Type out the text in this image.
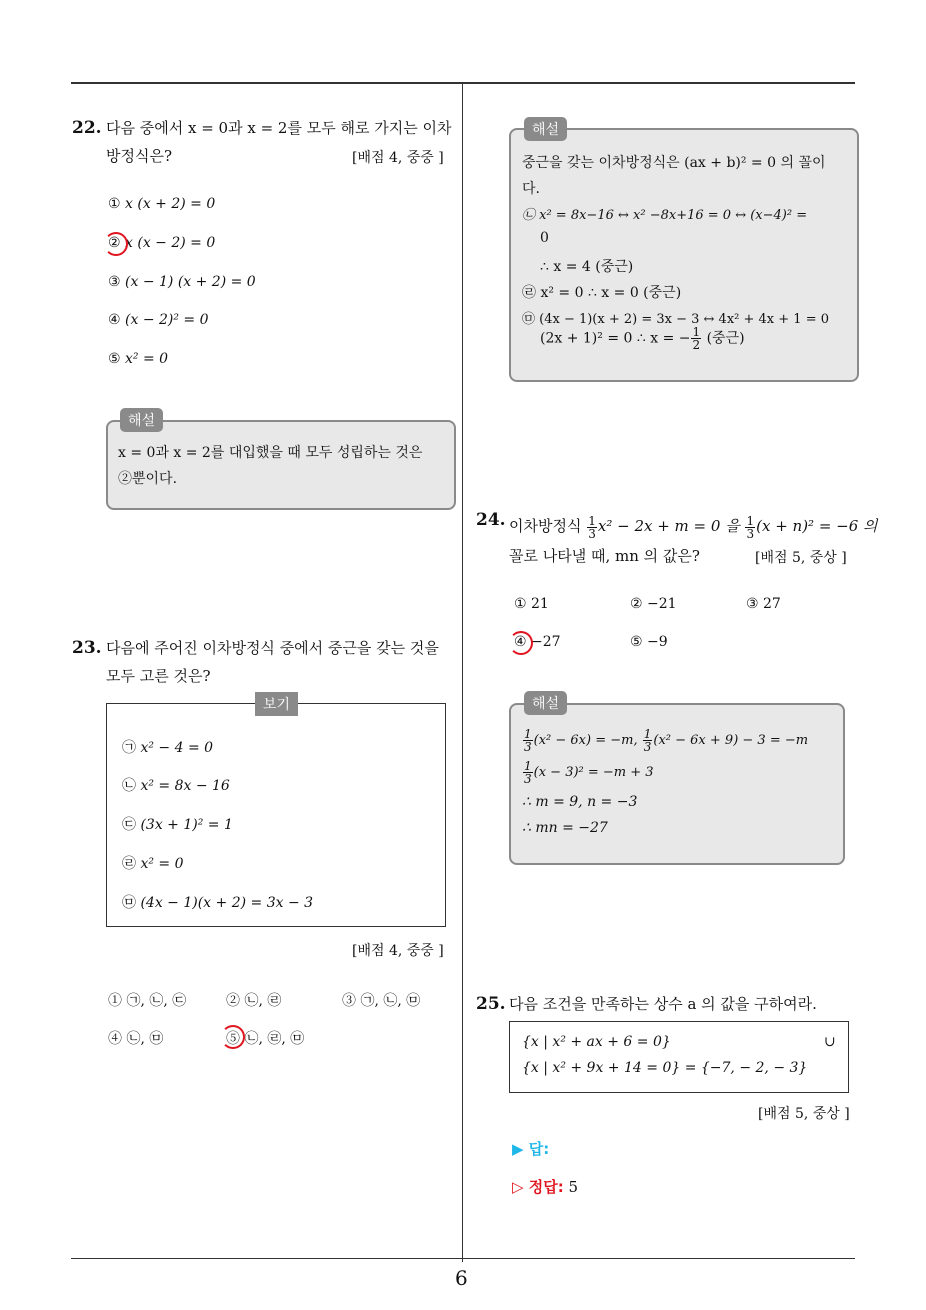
6
22. 다음 중에서 x = 0과 x = 2를 모두 해로 가지는 이차
방정식은?	[배점 4, 중중 ]
① x (x + 2) = 0
② x (x − 2) = 0
③ (x − 1) (x + 2) = 0
④ (x − 2)² = 0
⑤ x² = 0
해설
x = 0과 x = 2를 대입했을 때 모두 성립하는 것은
②뿐이다.
23. 다음에 주어진 이차방정식 중에서 중근을 갖는 것을
모두 고른 것은?
보기
㉠ x² − 4 = 0
㉡ x² = 8x − 16
㉢ (3x + 1)² = 1
㉣ x² = 0
㉤ (4x − 1)(x + 2) = 3x − 3
[배점 4, 중중 ]
① ㉠, ㉡, ㉢	② ㉡, ㉣	③ ㉠, ㉡, ㉤
④ ㉡, ㉤	⑤ ㉡, ㉣, ㉤
해설
중근을 갖는 이차방정식은 (ax + b)² = 0 의 꼴이
다.
㉡ x² = 8x−16 ↔ x² −8x+16 = 0 ↔ (x−4)² =
0
∴ x = 4 (중근)
㉣ x² = 0 ∴ x = 0 (중근)
㉤ (4x − 1)(x + 2) = 3x − 3 ↔ 4x² + 4x + 1 = 0
(2x + 1)² = 0 ∴ x = − $\frac{1}{2}$ (중근)
24. 이차방정식 $\frac{1}{3} x^2 - 2x + m = 0$ 을 $\frac{1}{3} (x + n)^2 = -6$ 의
꼴로 나타낼 때, mn 의 값은?	[배점 5, 중상 ]
① 21	② −21	③ 27
④ −27	⑤ −9
해설
$\frac{1}{3} (x^2 - 6x) = -m$, $\frac{1}{3} (x^2 - 6x + 9) - 3 = -m$
$\frac{1}{3} (x - 3)^2 = -m + 3$
∴ m = 9, n = −3
∴ mn = −27
25. 다음 조건을 만족하는 상수 a 의 값을 구하여라.
{x | x² + ax + 6 = 0}	∪
{x | x² + 9x + 14 = 0} = {−7, − 2, − 3}
[배점 5, 중상 ]
▶ 답:
▷ 정답: 5
